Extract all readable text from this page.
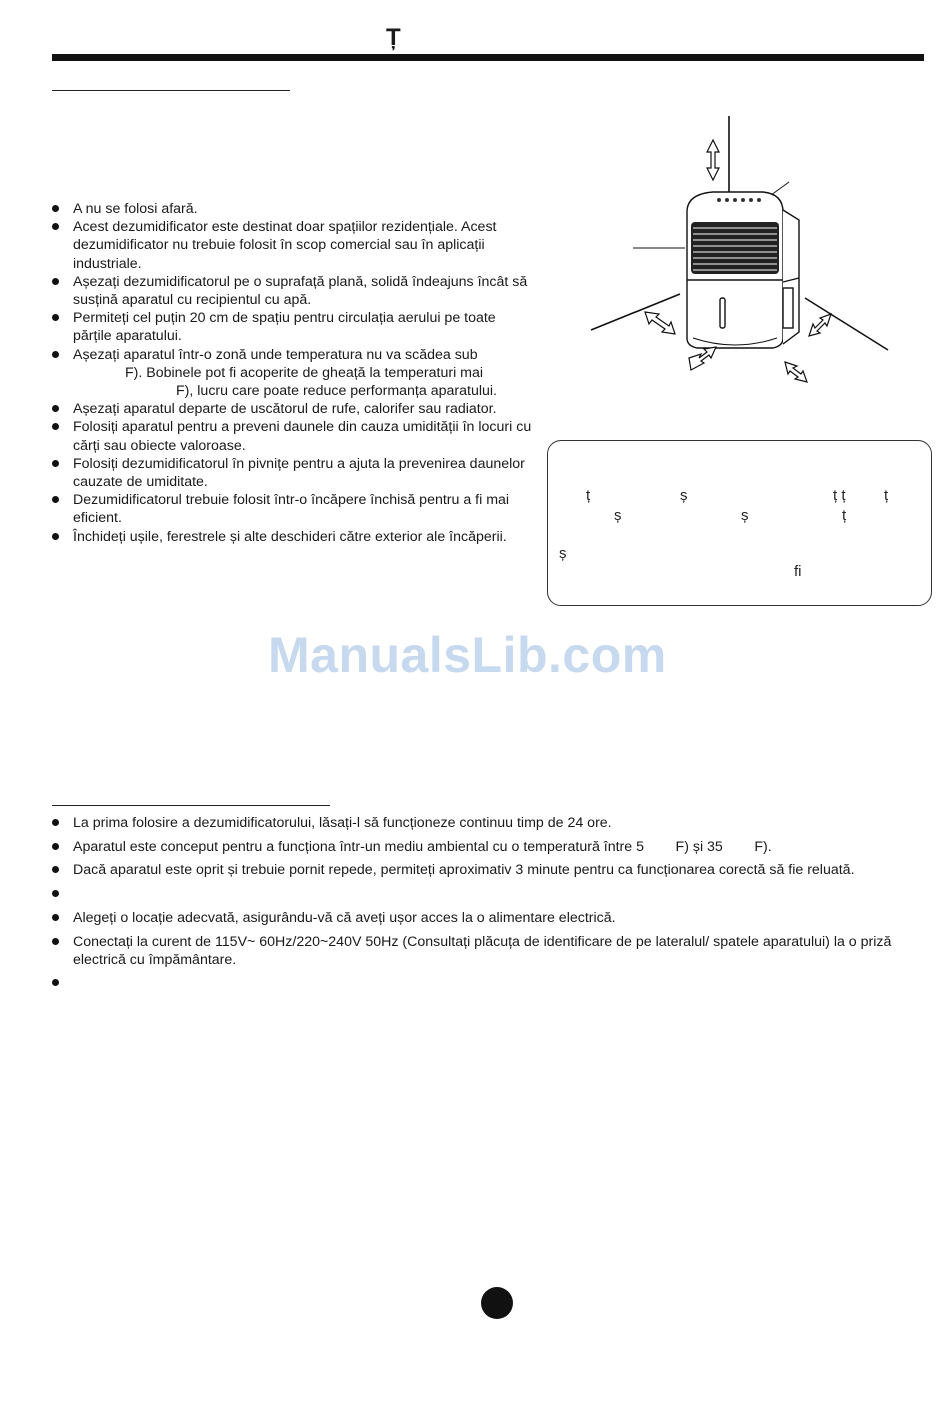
Ț
A nu se folosi afară.
Acest dezumidificator este destinat doar spațiilor rezidențiale. Acest dezumidificator nu trebuie folosit în scop comercial sau în aplicații industriale.
Așezați dezumidificatorul pe o suprafață plană, solidă îndeajuns încât să susțină aparatul cu recipientul cu apă.
Permiteți cel puțin 20 cm de spațiu pentru circulația aerului pe toate părțile aparatului.
Așezați aparatul într-o zonă unde temperatura nu va scădea sub
F). Bobinele pot fi acoperite de gheață la temperaturi mai
F), lucru care poate reduce performanța aparatului.
Așezați aparatul departe de uscătorul de rufe, calorifer sau radiator.
Folosiți aparatul pentru a preveni daunele din cauza umidității în locuri cu cărți sau obiecte valoroase.
Folosiți dezumidificatorul în pivnițe pentru a ajuta la prevenirea daunelor cauzate de umiditate.
Dezumidificatorul trebuie folosit într-o încăpere închisă pentru a fi mai eficient.
Închideți ușile, ferestrele și alte deschideri către exterior ale încăperii.
ț	ș	ț ț	ț
ș	ș	ț
ș
fi
ManualsLib.com
La prima folosire a dezumidificatorului, lăsați-l să funcționeze continuu timp de 24 ore.
Aparatul este conceput pentru a funcționa într-un mediu ambiental cu o temperatură între 5        F) și 35        F).
Dacă aparatul este oprit și trebuie pornit repede, permiteți aproximativ 3 minute pentru ca funcționarea corectă să fie reluată.
Alegeți o locație adecvată, asigurându-vă că aveți ușor acces la o alimentare electrică.
Conectați la curent de 115V~ 60Hz/220~240V 50Hz (Consultați plăcuța de identificare de pe lateralul/ spatele aparatului) la o priză electrică cu împământare.
